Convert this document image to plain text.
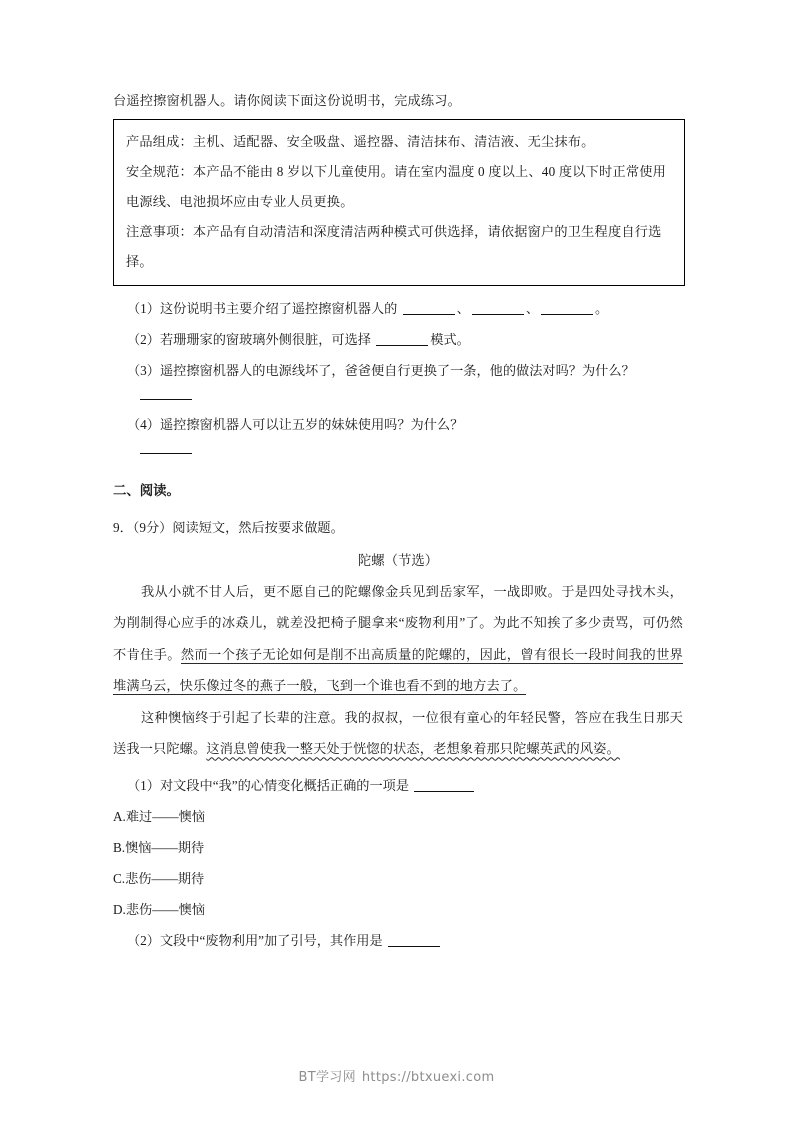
台遥控擦窗机器人。请你阅读下面这份说明书，完成练习。
产品组成：主机、适配器、安全吸盘、遥控器、清洁抹布、清洁液、无尘抹布。
安全规范：本产品不能由 8 岁以下儿童使用。请在室内温度 0 度以上、40 度以下时正常使用电源线、电池损坏应由专业人员更换。
注意事项：本产品有自动清洁和深度清洁两种模式可供选择，请依据窗户的卫生程度自行选择。
（1）这份说明书主要介绍了遥控擦窗机器人的	、	、	。
（2）若珊珊家的窗玻璃外侧很脏，可选择	模式。
（3）遥控擦窗机器人的电源线坏了，爸爸便自行更换了一条，他的做法对吗？为什么？
（4）遥控擦窗机器人可以让五岁的妹妹使用吗？为什么？
二、阅读。
9．（9分）阅读短文，然后按要求做题。
陀螺（节选）
我从小就不甘人后，更不愿自己的陀螺像金兵见到岳家军，一战即败。于是四处寻找木头，为削制得心应手的冰猋儿，就差没把椅子腿拿来“废物利用”了。为此不知挨了多少责骂，可仍然不肯住手。然而一个孩子无论如何是削不出高质量的陀螺的，因此，曾有很长一段时间我的世界堆满乌云，快乐像过冬的燕子一般，飞到一个谁也看不到的地方去了。
这种懊恼终于引起了长辈的注意。我的叔叔，一位很有童心的年轻民警，答应在我生日那天送我一只陀螺。这消息曾使我一整天处于恍惚的状态，老想象着那只陀螺英武的风姿。
（1）对文段中“我”的心情变化概括正确的一项是
A.难过——懊恼
B.懊恼——期待
C.悲伤——期待
D.悲伤——懊恼
（2）文段中“废物利用”加了引号，其作用是
BT学习网 https://btxuexi.com
